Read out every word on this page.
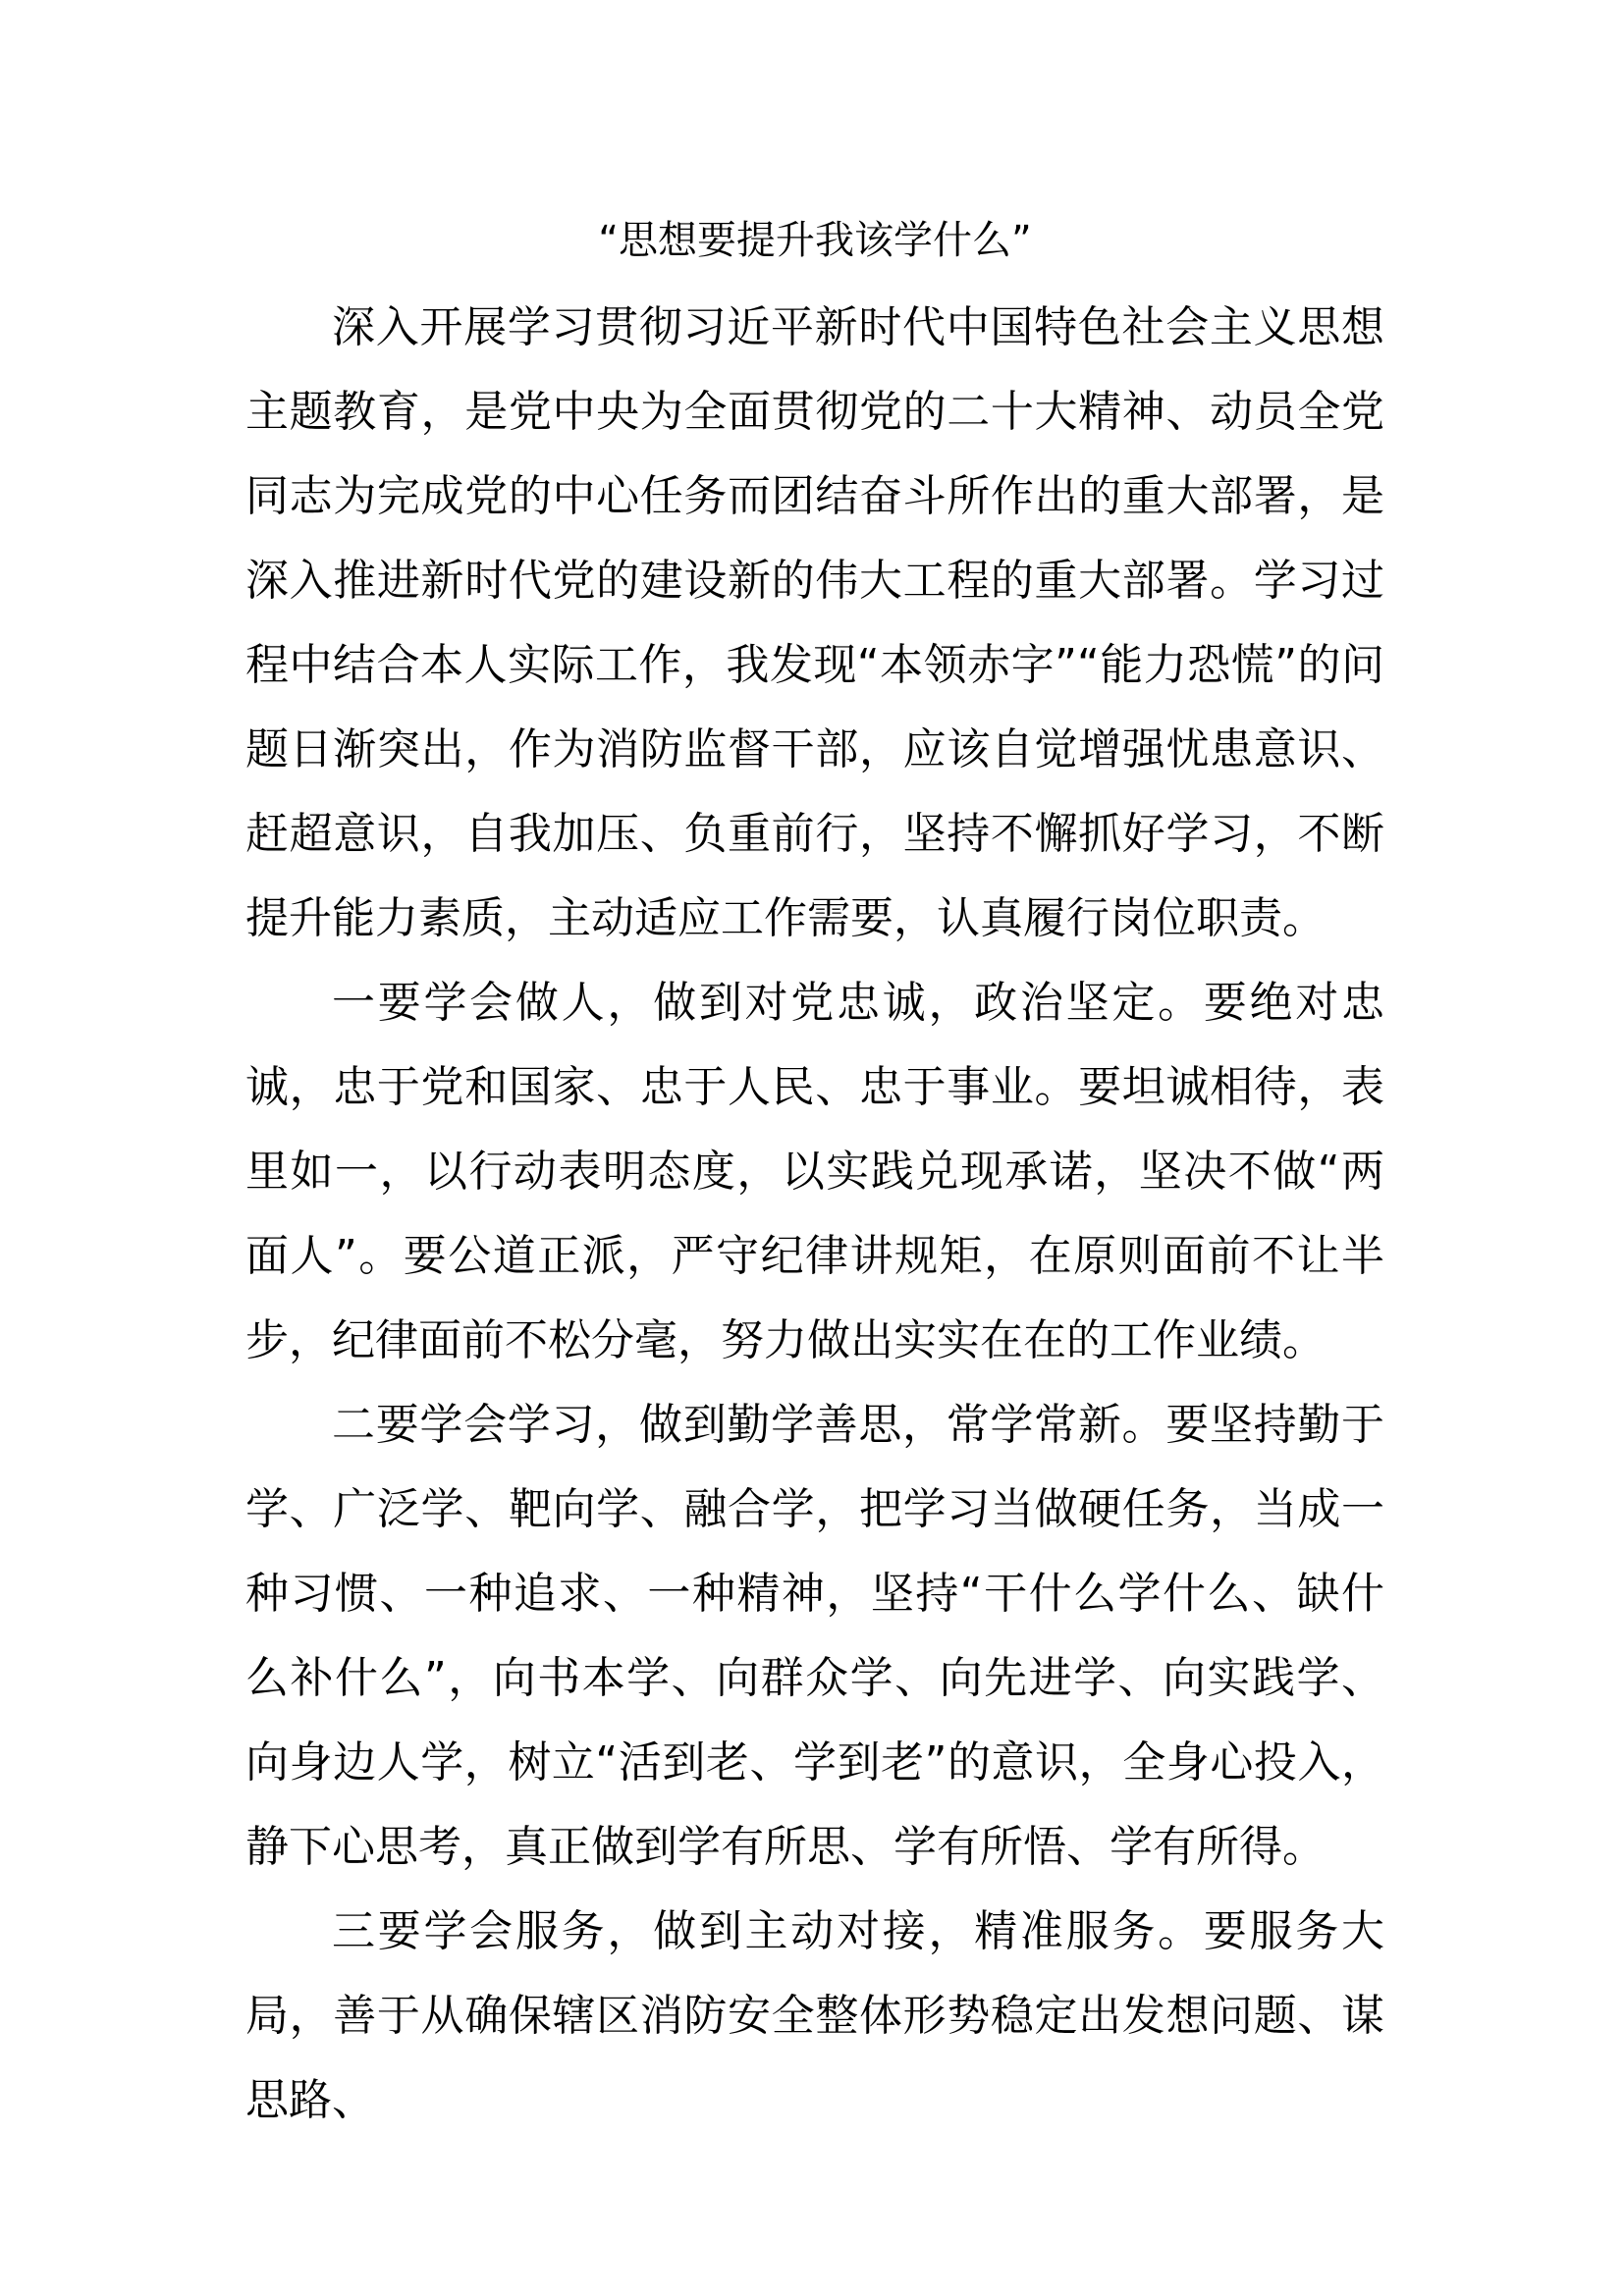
“思想要提升我该学什么”

深入开展学习贯彻习近平新时代中国特色社会主义思想主题教育，是党中央为全面贯彻党的二十大精神、动员全党同志为完成党的中心任务而团结奋斗所作出的重大部署，是深入推进新时代党的建设新的伟大工程的重大部署。学习过程中结合本人实际工作，我发现“本领赤字”“能力恐慌”的问题日渐突出，作为消防监督干部，应该自觉增强忧患意识、赶超意识，自我加压、负重前行，坚持不懈抓好学习，不断提升能力素质，主动适应工作需要，认真履行岗位职责。

一要学会做人，做到对党忠诚，政治坚定。要绝对忠诚，忠于党和国家、忠于人民、忠于事业。要坦诚相待，表里如一，以行动表明态度，以实践兑现承诺，坚决不做“两面人”。要公道正派，严守纪律讲规矩，在原则面前不让半步，纪律面前不松分毫，努力做出实实在在的工作业绩。

二要学会学习，做到勤学善思，常学常新。要坚持勤于学、广泛学、靶向学、融合学，把学习当做硬任务，当成一种习惯、一种追求、一种精神，坚持“干什么学什么、缺什么补什么”，向书本学、向群众学、向先进学、向实践学、向身边人学，树立“活到老、学到老”的意识，全身心投入，静下心思考，真正做到学有所思、学有所悟、学有所得。

三要学会服务，做到主动对接，精准服务。要服务大局，善于从确保辖区消防安全整体形势稳定出发想问题、谋思路、
